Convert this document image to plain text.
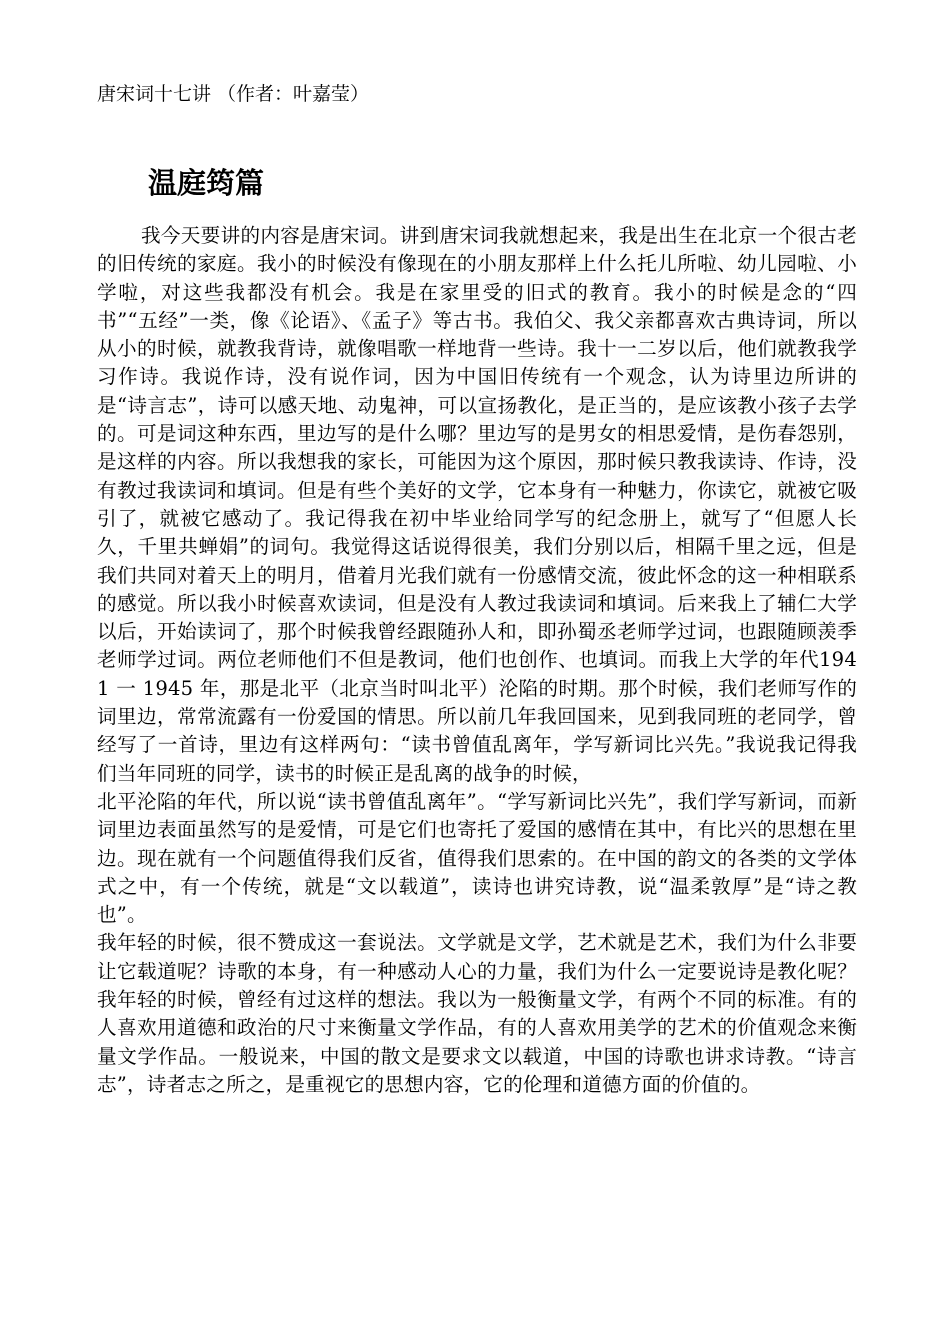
唐宋词十七讲 （作者：叶嘉莹）
温庭筠篇

我今天要讲的内容是唐宋词。讲到唐宋词我就想起来，我是出生在北京一个很古老的旧传统的家庭。我小的时候没有像现在的小朋友那样上什么托儿所啦、幼儿园啦、小学啦，对这些我都没有机会。我是在家里受的旧式的教育。我小的时候是念的“四书”“五经”一类，像《论语》、《孟子》等古书。我伯父、我父亲都喜欢古典诗词，所以从小的时候，就教我背诗，就像唱歌一样地背一些诗。我十一二岁以后，他们就教我学习作诗。我说作诗，没有说作词，因为中国旧传统有一个观念，认为诗里边所讲的是“诗言志”，诗可以感天地、动鬼神，可以宣扬教化，是正当的，是应该教小孩子去学的。可是词这种东西，里边写的是什么哪？里边写的是男女的相思爱情，是伤春怨别，是这样的内容。所以我想我的家长，可能因为这个原因，那时候只教我读诗、作诗，没有教过我读词和填词。但是有些个美好的文学，它本身有一种魅力，你读它，就被它吸引了，就被它感动了。我记得我在初中毕业给同学写的纪念册上，就写了“但愿人长久，千里共蝉娟”的词句。我觉得这话说得很美，我们分别以后，相隔千里之远，但是我们共同对着天上的明月，借着月光我们就有一份感情交流，彼此怀念的这一种相联系的感觉。所以我小时候喜欢读词，但是没有人教过我读词和填词。后来我上了辅仁大学以后，开始读词了，那个时候我曾经跟随孙人和，即孙蜀丞老师学过词，也跟随顾羡季老师学过词。两位老师他们不但是教词，他们也创作、也填词。而我上大学的年代1941 一 1945 年，那是北平（北京当时叫北平）沦陷的时期。那个时候，我们老师写作的词里边，常常流露有一份爱国的情思。所以前几年我回国来，见到我同班的老同学，曾经写了一首诗，里边有这样两句：“读书曾值乱离年，学写新词比兴先。”我说我记得我们当年同班的同学，读书的时候正是乱离的战争的时候，

北平沦陷的年代，所以说“读书曾值乱离年”。“学写新词比兴先”，我们学写新词，而新词里边表面虽然写的是爱情，可是它们也寄托了爱国的感情在其中，有比兴的思想在里边。现在就有一个问题值得我们反省，值得我们思索的。在中国的韵文的各类的文学体式之中，有一个传统，就是“文以载道”，读诗也讲究诗教，说“温柔敦厚”是“诗之教也”。

我年轻的时候，很不赞成这一套说法。文学就是文学，艺术就是艺术，我们为什么非要让它载道呢？诗歌的本身，有一种感动人心的力量，我们为什么一定要说诗是教化呢？我年轻的时候，曾经有过这样的想法。我以为一般衡量文学，有两个不同的标准。有的人喜欢用道德和政治的尺寸来衡量文学作品，有的人喜欢用美学的艺术的价值观念来衡量文学作品。一般说来，中国的散文是要求文以载道，中国的诗歌也讲求诗教。“诗言志”，诗者志之所之，是重视它的思想内容，它的伦理和道德方面的价值的。
